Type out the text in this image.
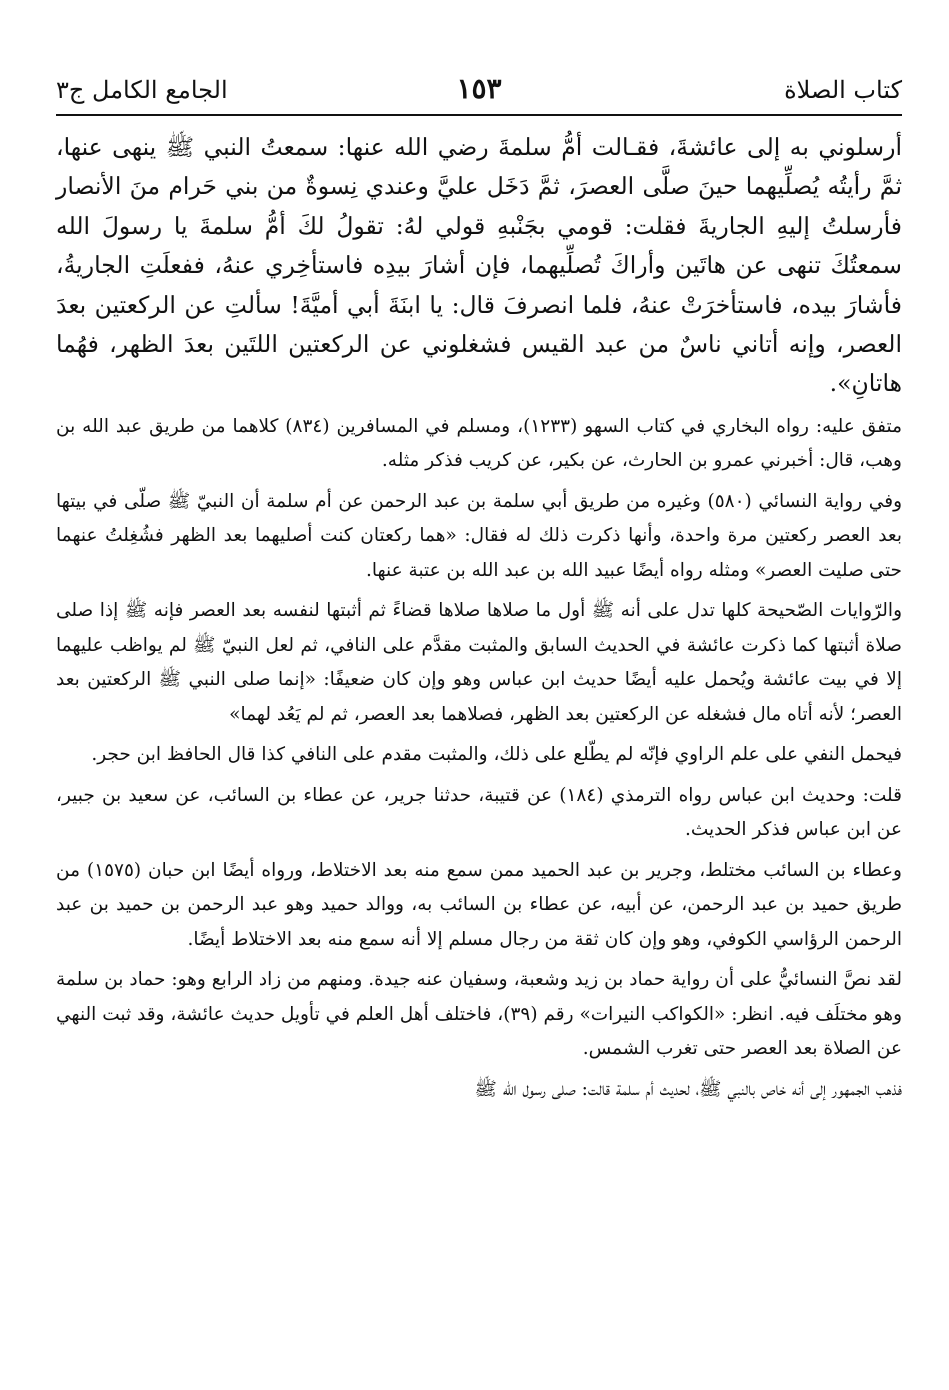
كتاب الصلاة
١٥٣
الجامع الكامل ج٣

أرسلوني به إلى عائشةَ، فقـالت أمُّ سلمةَ رضي الله عنها: سمعتُ النبي ﷺ ينهى عنها، ثمَّ رأيتُه يُصلِّيهما حينَ صلَّى العصرَ، ثمَّ دَخَل عليَّ وعندي نِسوةٌ من بني حَرام منَ الأنصار فأرسلتُ إليهِ الجاريةَ فقلت: قومي بجَنْبهِ قولي لهُ: تقولُ لكَ أمُّ سلمةَ يا رسولَ الله سمعتُكَ تنهى عن هاتَين وأراكَ تُصلِّيهما، فإن أشارَ بيدِه فاستأخِري عنهُ، ففعلَتِ الجاريةُ، فأشارَ بيده، فاستأخرَتْ عنهُ، فلما انصرفَ قال: يا ابنَةَ أبي أميَّةَ! سألتِ عن الركعتين بعدَ العصر، وإنه أتاني ناسٌ من عبد القيس فشغلوني عن الركعتين اللتَين بعدَ الظهر، فهُما هاتانِ».

متفق عليه: رواه البخاري في كتاب السهو (١٢٣٣)، ومسلم في المسافرين (٨٣٤) كلاهما من طريق عبد الله بن وهب، قال: أخبرني عمرو بن الحارث، عن بكير، عن كريب فذكر مثله.

وفي رواية النسائي (٥٨٠) وغيره من طريق أبي سلمة بن عبد الرحمن عن أم سلمة أن النبيّ ﷺ صلّى في بيتها بعد العصر ركعتين مرة واحدة، وأنها ذكرت ذلك له فقال: «هما ركعتان كنت أصليهما بعد الظهر فشُغِلتُ عنهما حتى صليت العصر» ومثله رواه أيضًا عبيد الله بن عبد الله بن عتبة عنها.

والرّوايات الصّحيحة كلها تدل على أنه ﷺ أول ما صلاها صلاها قضاءً ثم أثبتها لنفسه بعد العصر فإنه ﷺ إذا صلى صلاة أثبتها كما ذكرت عائشة في الحديث السابق والمثبت مقدَّم على النافي، ثم لعل النبيّ ﷺ لم يواظب عليهما إلا في بيت عائشة ويُحمل عليه أيضًا حديث ابن عباس وهو وإن كان ضعيفًا: «إنما صلى النبي ﷺ الركعتين بعد العصر؛ لأنه أتاه مال فشغله عن الركعتين بعد الظهر، فصلاهما بعد العصر، ثم لم يَعُد لهما»

فيحمل النفي على علم الراوي فإنّه لم يطّلع على ذلك، والمثبت مقدم على النافي كذا قال الحافظ ابن حجر.

قلت: وحديث ابن عباس رواه الترمذي (١٨٤) عن قتيبة، حدثنا جرير، عن عطاء بن السائب، عن سعيد بن جبير، عن ابن عباس فذكر الحديث.

وعطاء بن السائب مختلط، وجرير بن عبد الحميد ممن سمع منه بعد الاختلاط، ورواه أيضًا ابن حبان (١٥٧٥) من طريق حميد بن عبد الرحمن، عن أبيه، عن عطاء بن السائب به، ووالد حميد وهو عبد الرحمن بن حميد بن عبد الرحمن الرؤاسي الكوفي، وهو وإن كان ثقة من رجال مسلم إلا أنه سمع منه بعد الاختلاط أيضًا.

لقد نصَّ النسائيُّ على أن رواية حماد بن زيد وشعبة، وسفيان عنه جيدة. ومنهم من زاد الرابع وهو: حماد بن سلمة وهو مختلَف فيه. انظر: «الكواكب النيرات» رقم (٣٩)، فاختلف أهل العلم في تأويل حديث عائشة، وقد ثبت النهي عن الصلاة بعد العصر حتى تغرب الشمس.

فذهب الجمهور إلى أنه خاص بالنبي ﷺ، لحديث أم سلمة قالت: صلى رسول الله ﷺ
